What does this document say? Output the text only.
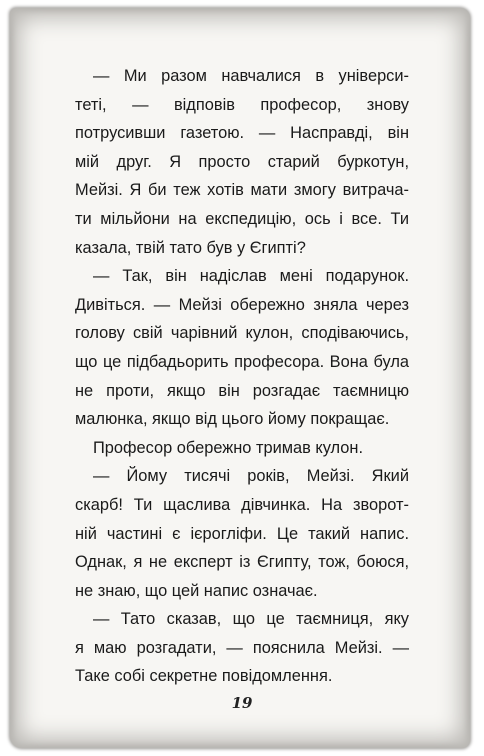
— Ми разом навчалися в універси-
теті, — відповів професор, знову
потрусивши газетою. — Насправді, він
мій друг. Я просто старий буркотун,
Мейзі. Я би теж хотів мати змогу витрача-
ти мільйони на експедицію, ось і все. Ти
казала, твій тато був у Єгипті?
— Так, він надіслав мені подарунок.
Дивіться. — Мейзі обережно зняла через
голову свій чарівний кулон, сподіваючись,
що це підбадьорить професора. Вона була
не проти, якщо він розгадає таємницю
малюнка, якщо від цього йому покращає.
Професор обережно тримав кулон.
— Йому тисячі років, Мейзі. Який
скарб! Ти щаслива дівчинка. На зворот-
ній частині є ієрогліфи. Це такий напис.
Однак, я не експерт із Єгипту, тож, боюся,
не знаю, що цей напис означає.
— Тато сказав, що це таємниця, яку
я маю розгадати, — пояснила Мейзі. —
Таке собі секретне повідомлення.
19
